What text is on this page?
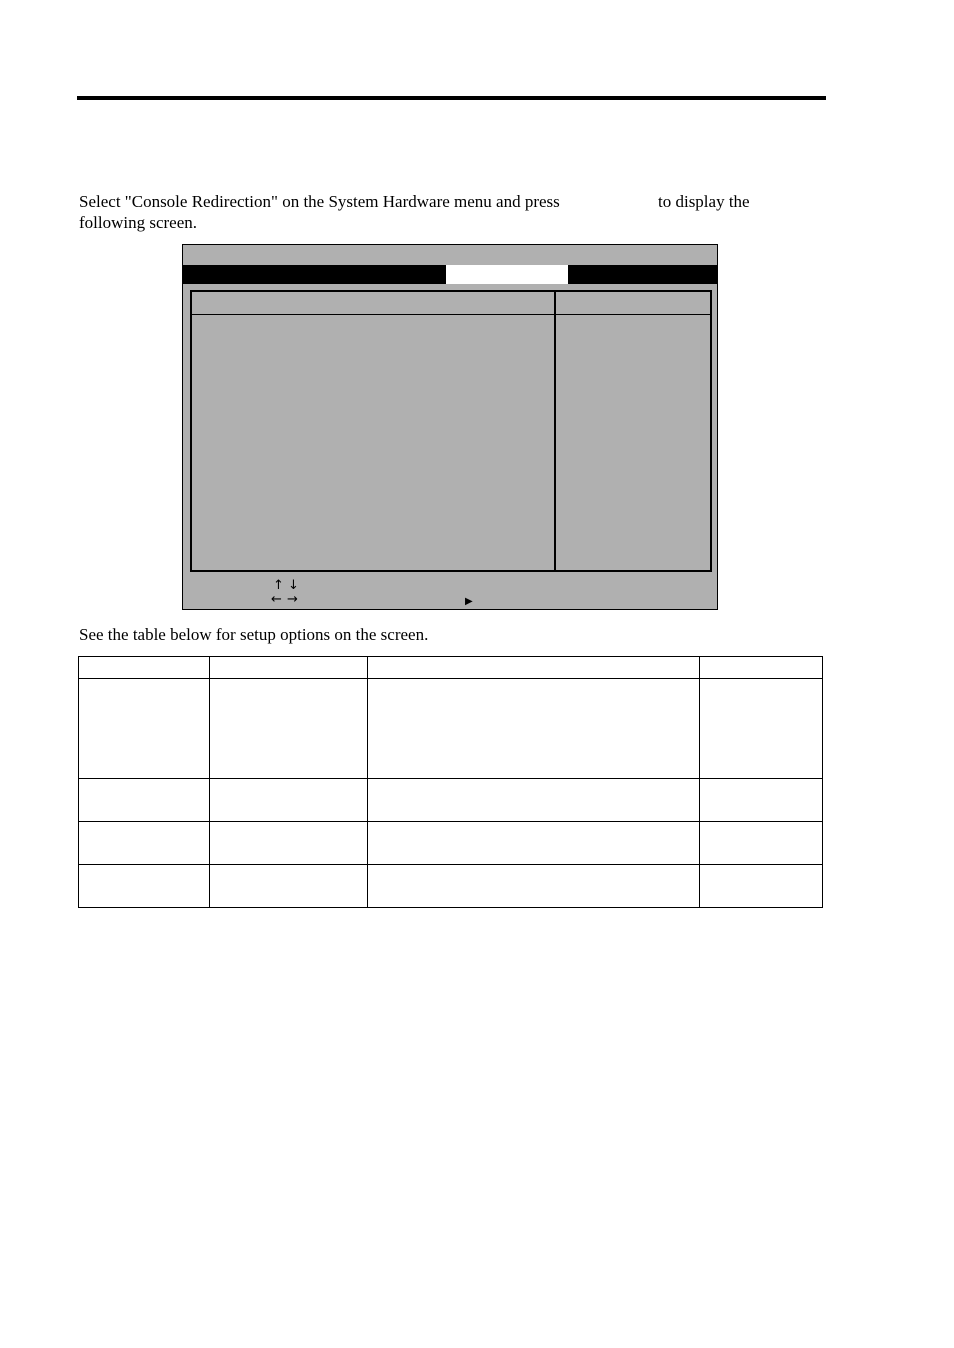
Select "Console Redirection" on the System Hardware menu and press	to display the
following screen.
↑ ↓
← →	▶
See the table below for setup options on the screen.
